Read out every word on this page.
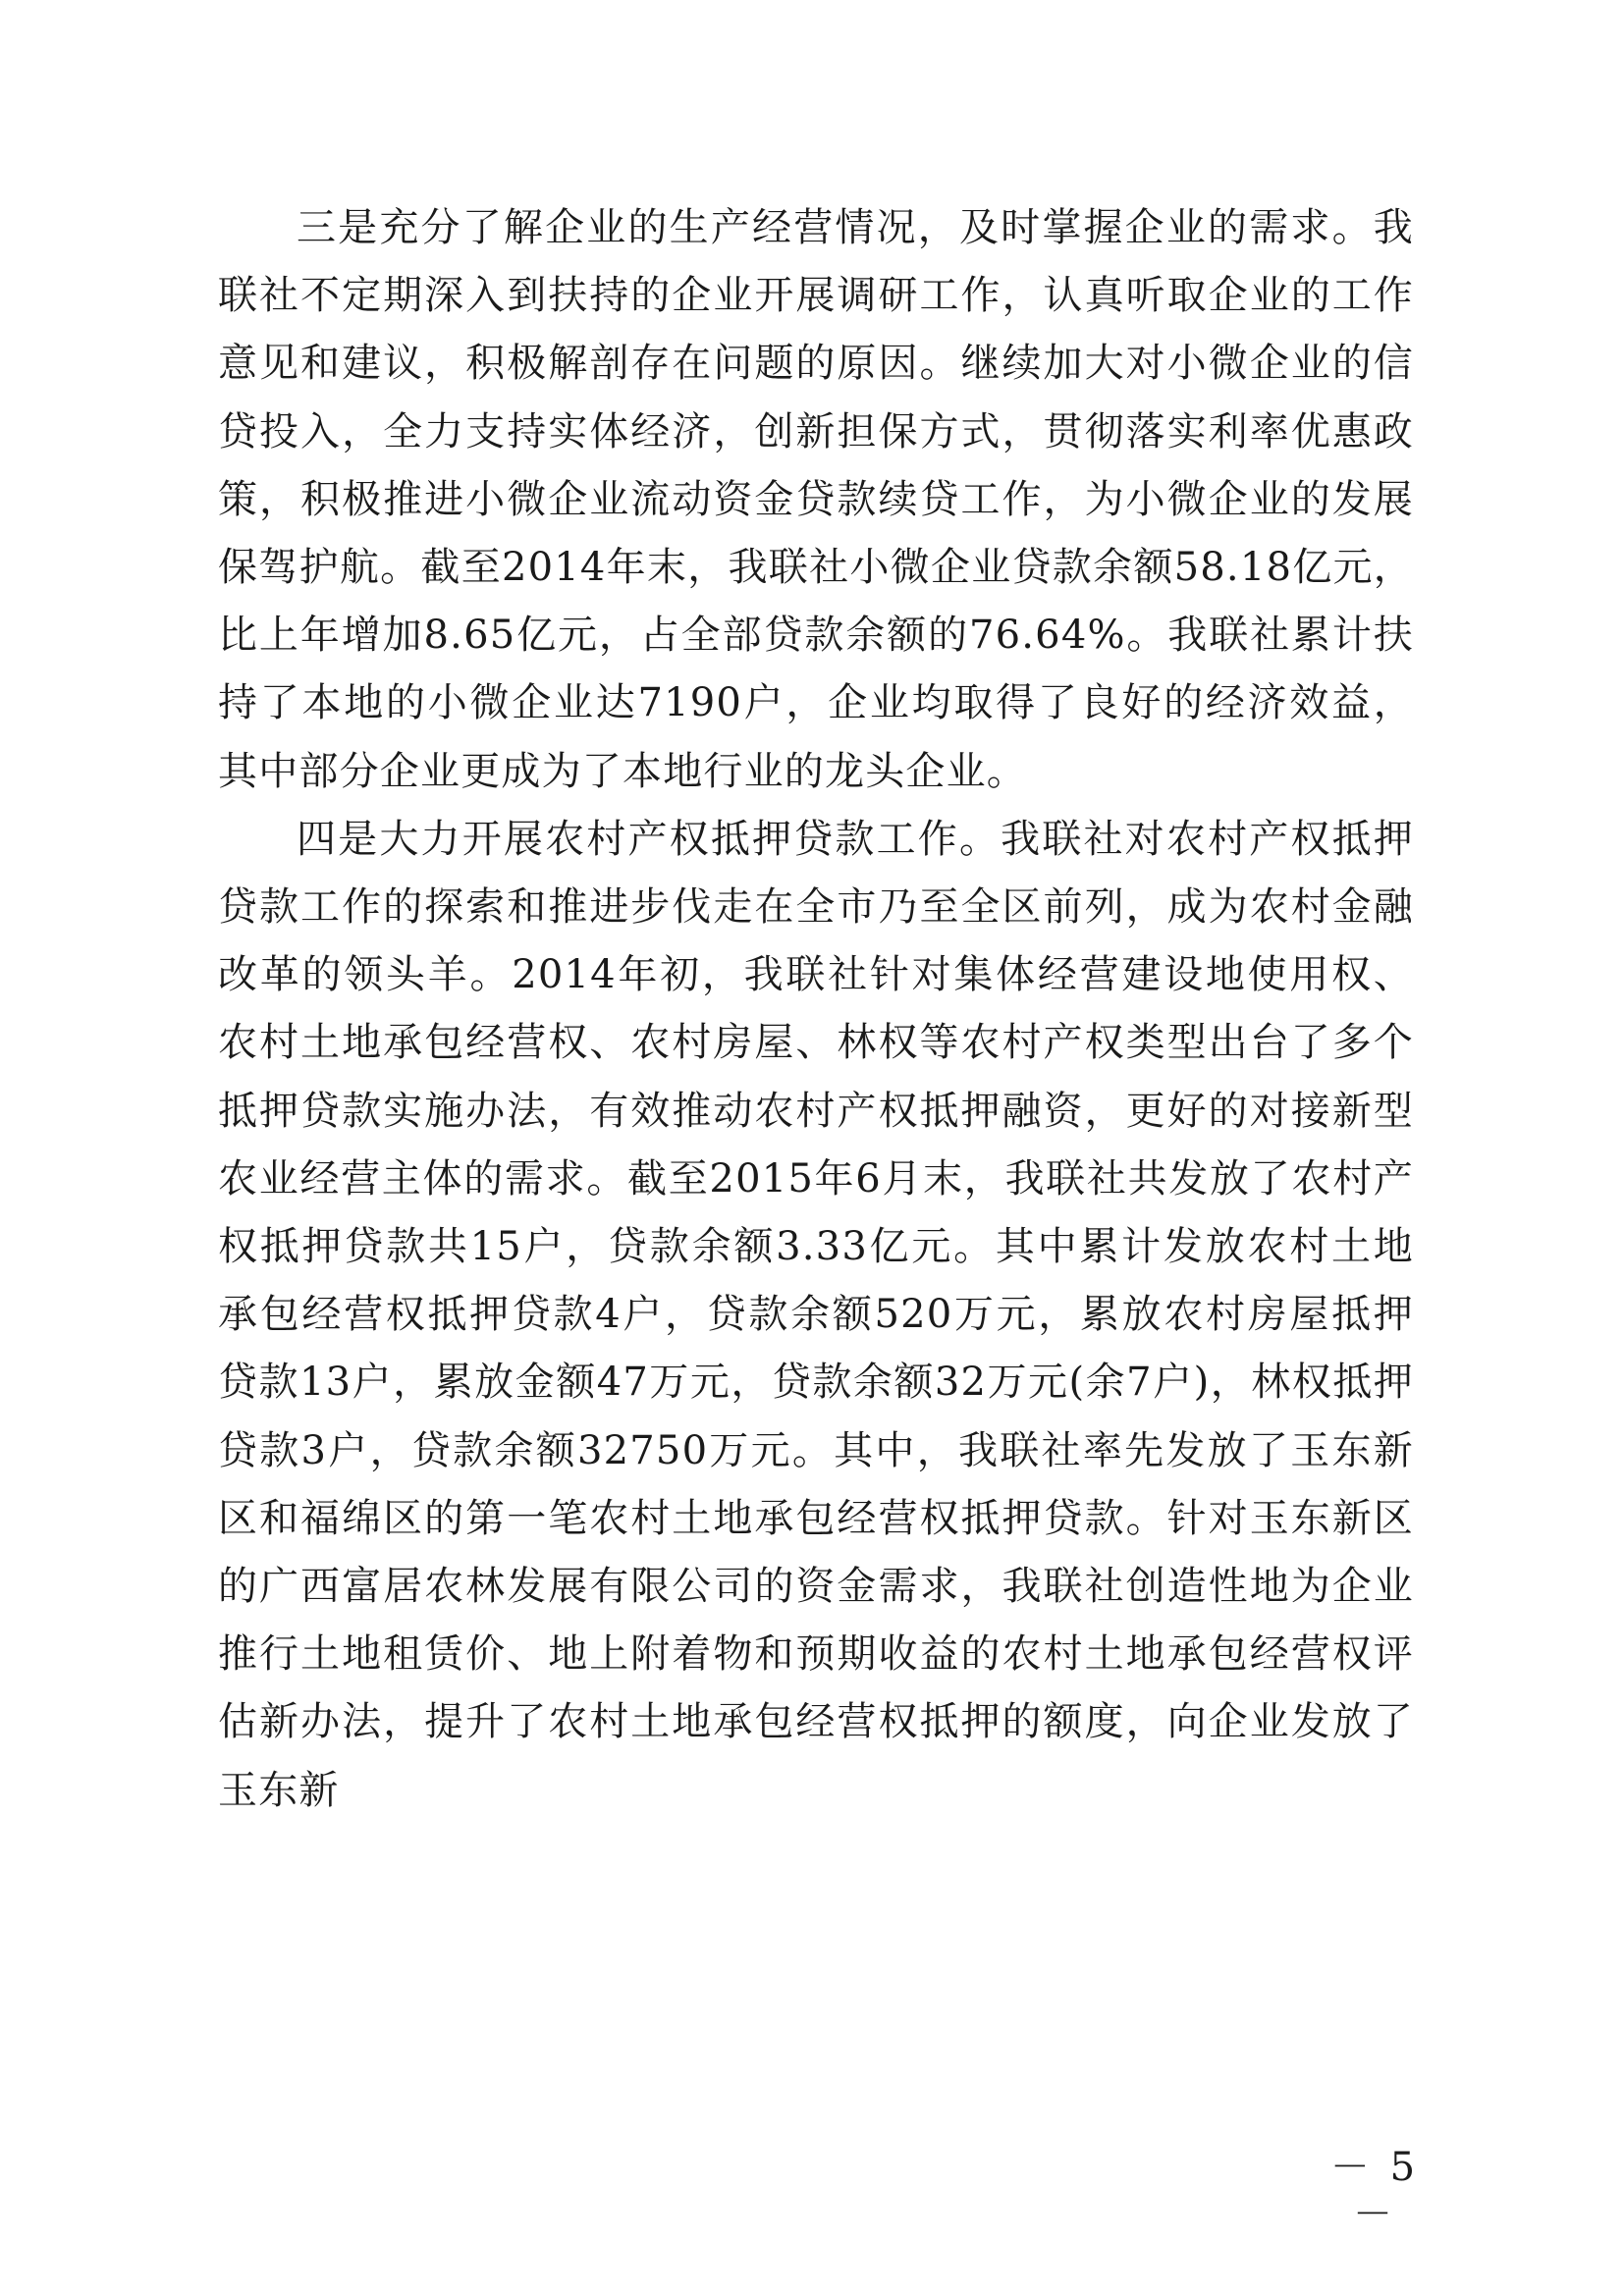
三是充分了解企业的生产经营情况，及时掌握企业的需求。我联社不定期深入到扶持的企业开展调研工作，认真听取企业的工作意见和建议，积极解剖存在问题的原因。继续加大对小微企业的信贷投入，全力支持实体经济，创新担保方式，贯彻落实利率优惠政策，积极推进小微企业流动资金贷款续贷工作，为小微企业的发展保驾护航。截至2014年末，我联社小微企业贷款余额58.18亿元，比上年增加8.65亿元，占全部贷款余额的76.64%。我联社累计扶持了本地的小微企业达7190户，企业均取得了良好的经济效益，其中部分企业更成为了本地行业的龙头企业。

四是大力开展农村产权抵押贷款工作。我联社对农村产权抵押贷款工作的探索和推进步伐走在全市乃至全区前列，成为农村金融改革的领头羊。2014年初，我联社针对集体经营建设地使用权、农村土地承包经营权、农村房屋、林权等农村产权类型出台了多个抵押贷款实施办法，有效推动农村产权抵押融资，更好的对接新型农业经营主体的需求。截至2015年6月末，我联社共发放了农村产权抵押贷款共15户，贷款余额3.33亿元。其中累计发放农村土地承包经营权抵押贷款4户，贷款余额520万元，累放农村房屋抵押贷款13户，累放金额47万元，贷款余额32万元(余7户)，林权抵押贷款3户，贷款余额32750万元。其中，我联社率先发放了玉东新区和福绵区的第一笔农村土地承包经营权抵押贷款。针对玉东新区的广西富居农林发展有限公司的资金需求，我联社创造性地为企业推行土地租赁价、地上附着物和预期收益的农村土地承包经营权评估新办法，提升了农村土地承包经营权抵押的额度，向企业发放了玉东新

－ 5 －
